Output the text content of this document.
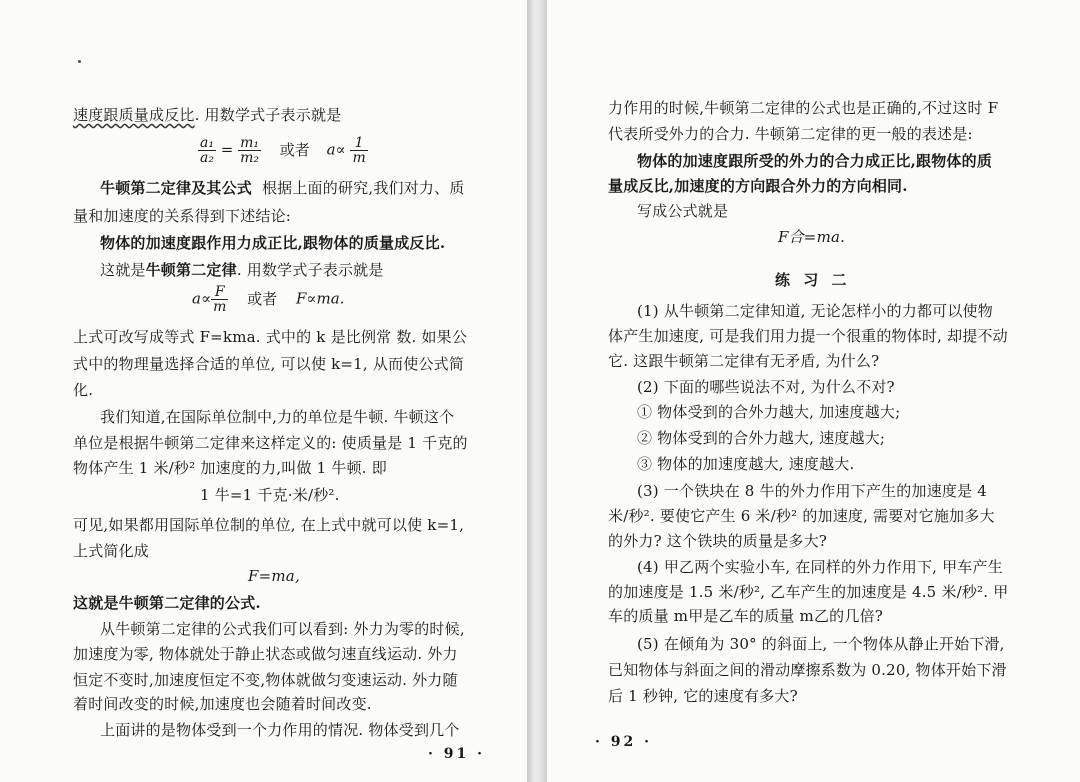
速度跟质量成反比. 用数学式子表示就是
$\frac{\text{a₁}}{\text{a₂}} = \frac{\text{m₁}}{\text{m₂}}$ 或者 $a\propto \frac{1}{m}$
牛顿第二定律及其公式 根据上面的研究,我们对力、质
量和加速度的关系得到下述结论:
物体的加速度跟作用力成正比,跟物体的质量成反比.
这就是牛顿第二定律. 用数学式子表示就是
$a\propto \frac{F}{m}$ 或者 F∝ma.
上式可改写成等式 F=kma. 式中的 k 是比例常 数. 如果公
式中的物理量选择合适的单位, 可以使 k=1, 从而使公式简
化.
我们知道,在国际单位制中,力的单位是牛顿. 牛顿这个
单位是根据牛顿第二定律来这样定义的: 使质量是 1 千克的
物体产生 1 米/秒² 加速度的力,叫做 1 牛顿. 即
1 牛=1 千克·米/秒².
可见,如果都用国际单位制的单位, 在上式中就可以使 k=1,
上式简化成
F=ma,
这就是牛顿第二定律的公式.
从牛顿第二定律的公式我们可以看到: 外力为零的时候,
加速度为零, 物体就处于静止状态或做匀速直线运动. 外力
恒定不变时,加速度恒定不变,物体就做匀变速运动. 外力随
着时间改变的时候,加速度也会随着时间改变.
上面讲的是物体受到一个力作用的情况. 物体受到几个
· 91 ·
力作用的时候,牛顿第二定律的公式也是正确的,不过这时 F
代表所受外力的合力. 牛顿第二定律的更一般的表述是:
物体的加速度跟所受的外力的合力成正比,跟物体的质
量成反比,加速度的方向跟合外力的方向相同.
写成公式就是
F合=ma.
练 习 二
(1) 从牛顿第二定律知道, 无论怎样小的力都可以使物
体产生加速度, 可是我们用力提一个很重的物体时, 却提不动
它. 这跟牛顿第二定律有无矛盾, 为什么?
(2) 下面的哪些说法不对, 为什么不对?
① 物体受到的合外力越大, 加速度越大;
② 物体受到的合外力越大, 速度越大;
③ 物体的加速度越大, 速度越大.
(3) 一个铁块在 8 牛的外力作用下产生的加速度是 4
米/秒². 要使它产生 6 米/秒² 的加速度, 需要对它施加多大
的外力? 这个铁块的质量是多大?
(4) 甲乙两个实验小车, 在同样的外力作用下, 甲车产生
的加速度是 1.5 米/秒², 乙车产生的加速度是 4.5 米/秒². 甲
车的质量 m甲是乙车的质量 m乙的几倍?
(5) 在倾角为 30° 的斜面上, 一个物体从静止开始下滑,
已知物体与斜面之间的滑动摩擦系数为 0.20, 物体开始下滑
后 1 秒钟, 它的速度有多大?
· 92 ·
